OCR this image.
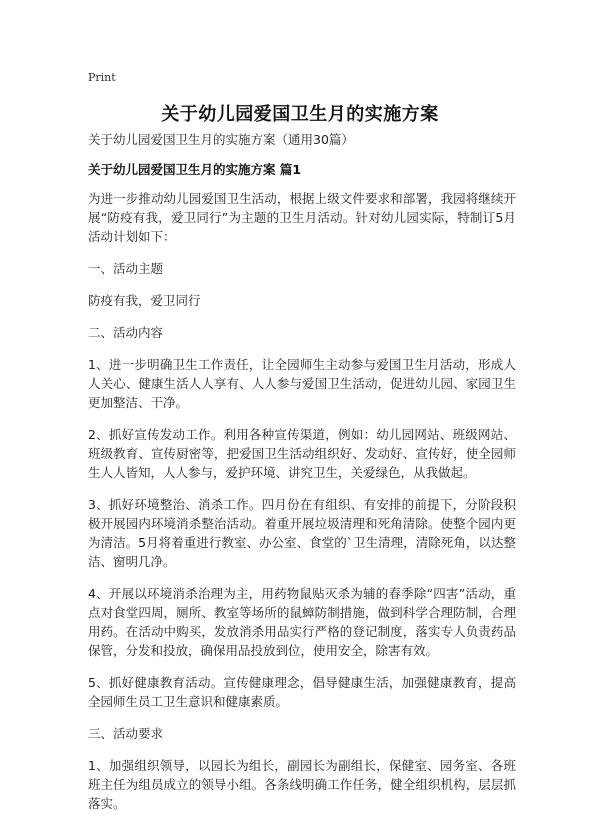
Print
关于幼儿园爱国卫生月的实施方案

关于幼儿园爱国卫生月的实施方案（通用30篇）

关于幼儿园爱国卫生月的实施方案 篇1

为进一步推动幼儿园爱国卫生活动，根据上级文件要求和部署，我园将继续开展“防疫有我，爱卫同行”为主题的卫生月活动。针对幼儿园实际，特制订5月活动计划如下：

一、活动主题

防疫有我，爱卫同行

二、活动内容

1、进一步明确卫生工作责任，让全园师生主动参与爱国卫生月活动，形成人人关心、健康生活人人享有、人人参与爱国卫生活动，促进幼儿园、家园卫生更加整洁、干净。

2、抓好宣传发动工作。利用各种宣传渠道，例如：幼儿园网站、班级网站、班级教育、宣传厨密等，把爱国卫生活动组织好、发动好、宣传好，使全园师生人人皆知，人人参与，爱护环境、讲究卫生，关爱绿色，从我做起。

3、抓好环境整治、消杀工作。四月份在有组织、有安排的前提下，分阶段积极开展园内环境消杀整治活动。着重开展垃圾清理和死角清除。使整个园内更为清洁。5月将着重进行教室、办公室、食堂的`卫生清理，清除死角，以达整洁、窗明几净。

4、开展以环境消杀治理为主，用药物鼠贴灭杀为辅的春季除“四害”活动，重点对食堂四周，厕所、教室等场所的鼠蟑防制措施，做到科学合理防制，合理用药。在活动中购买，发放消杀用品实行严格的登记制度，落实专人负责药品保管，分发和投放，确保用品投放到位，使用安全，除害有效。

5、抓好健康教育活动。宣传健康理念，倡导健康生活，加强健康教育，提高全园师生员工卫生意识和健康素质。

三、活动要求

1、加强组织领导，以园长为组长，副园长为副组长，保健室、园务室、各班班主任为组员成立的领导小组。各条线明确工作任务，健全组织机构，层层抓落实。
